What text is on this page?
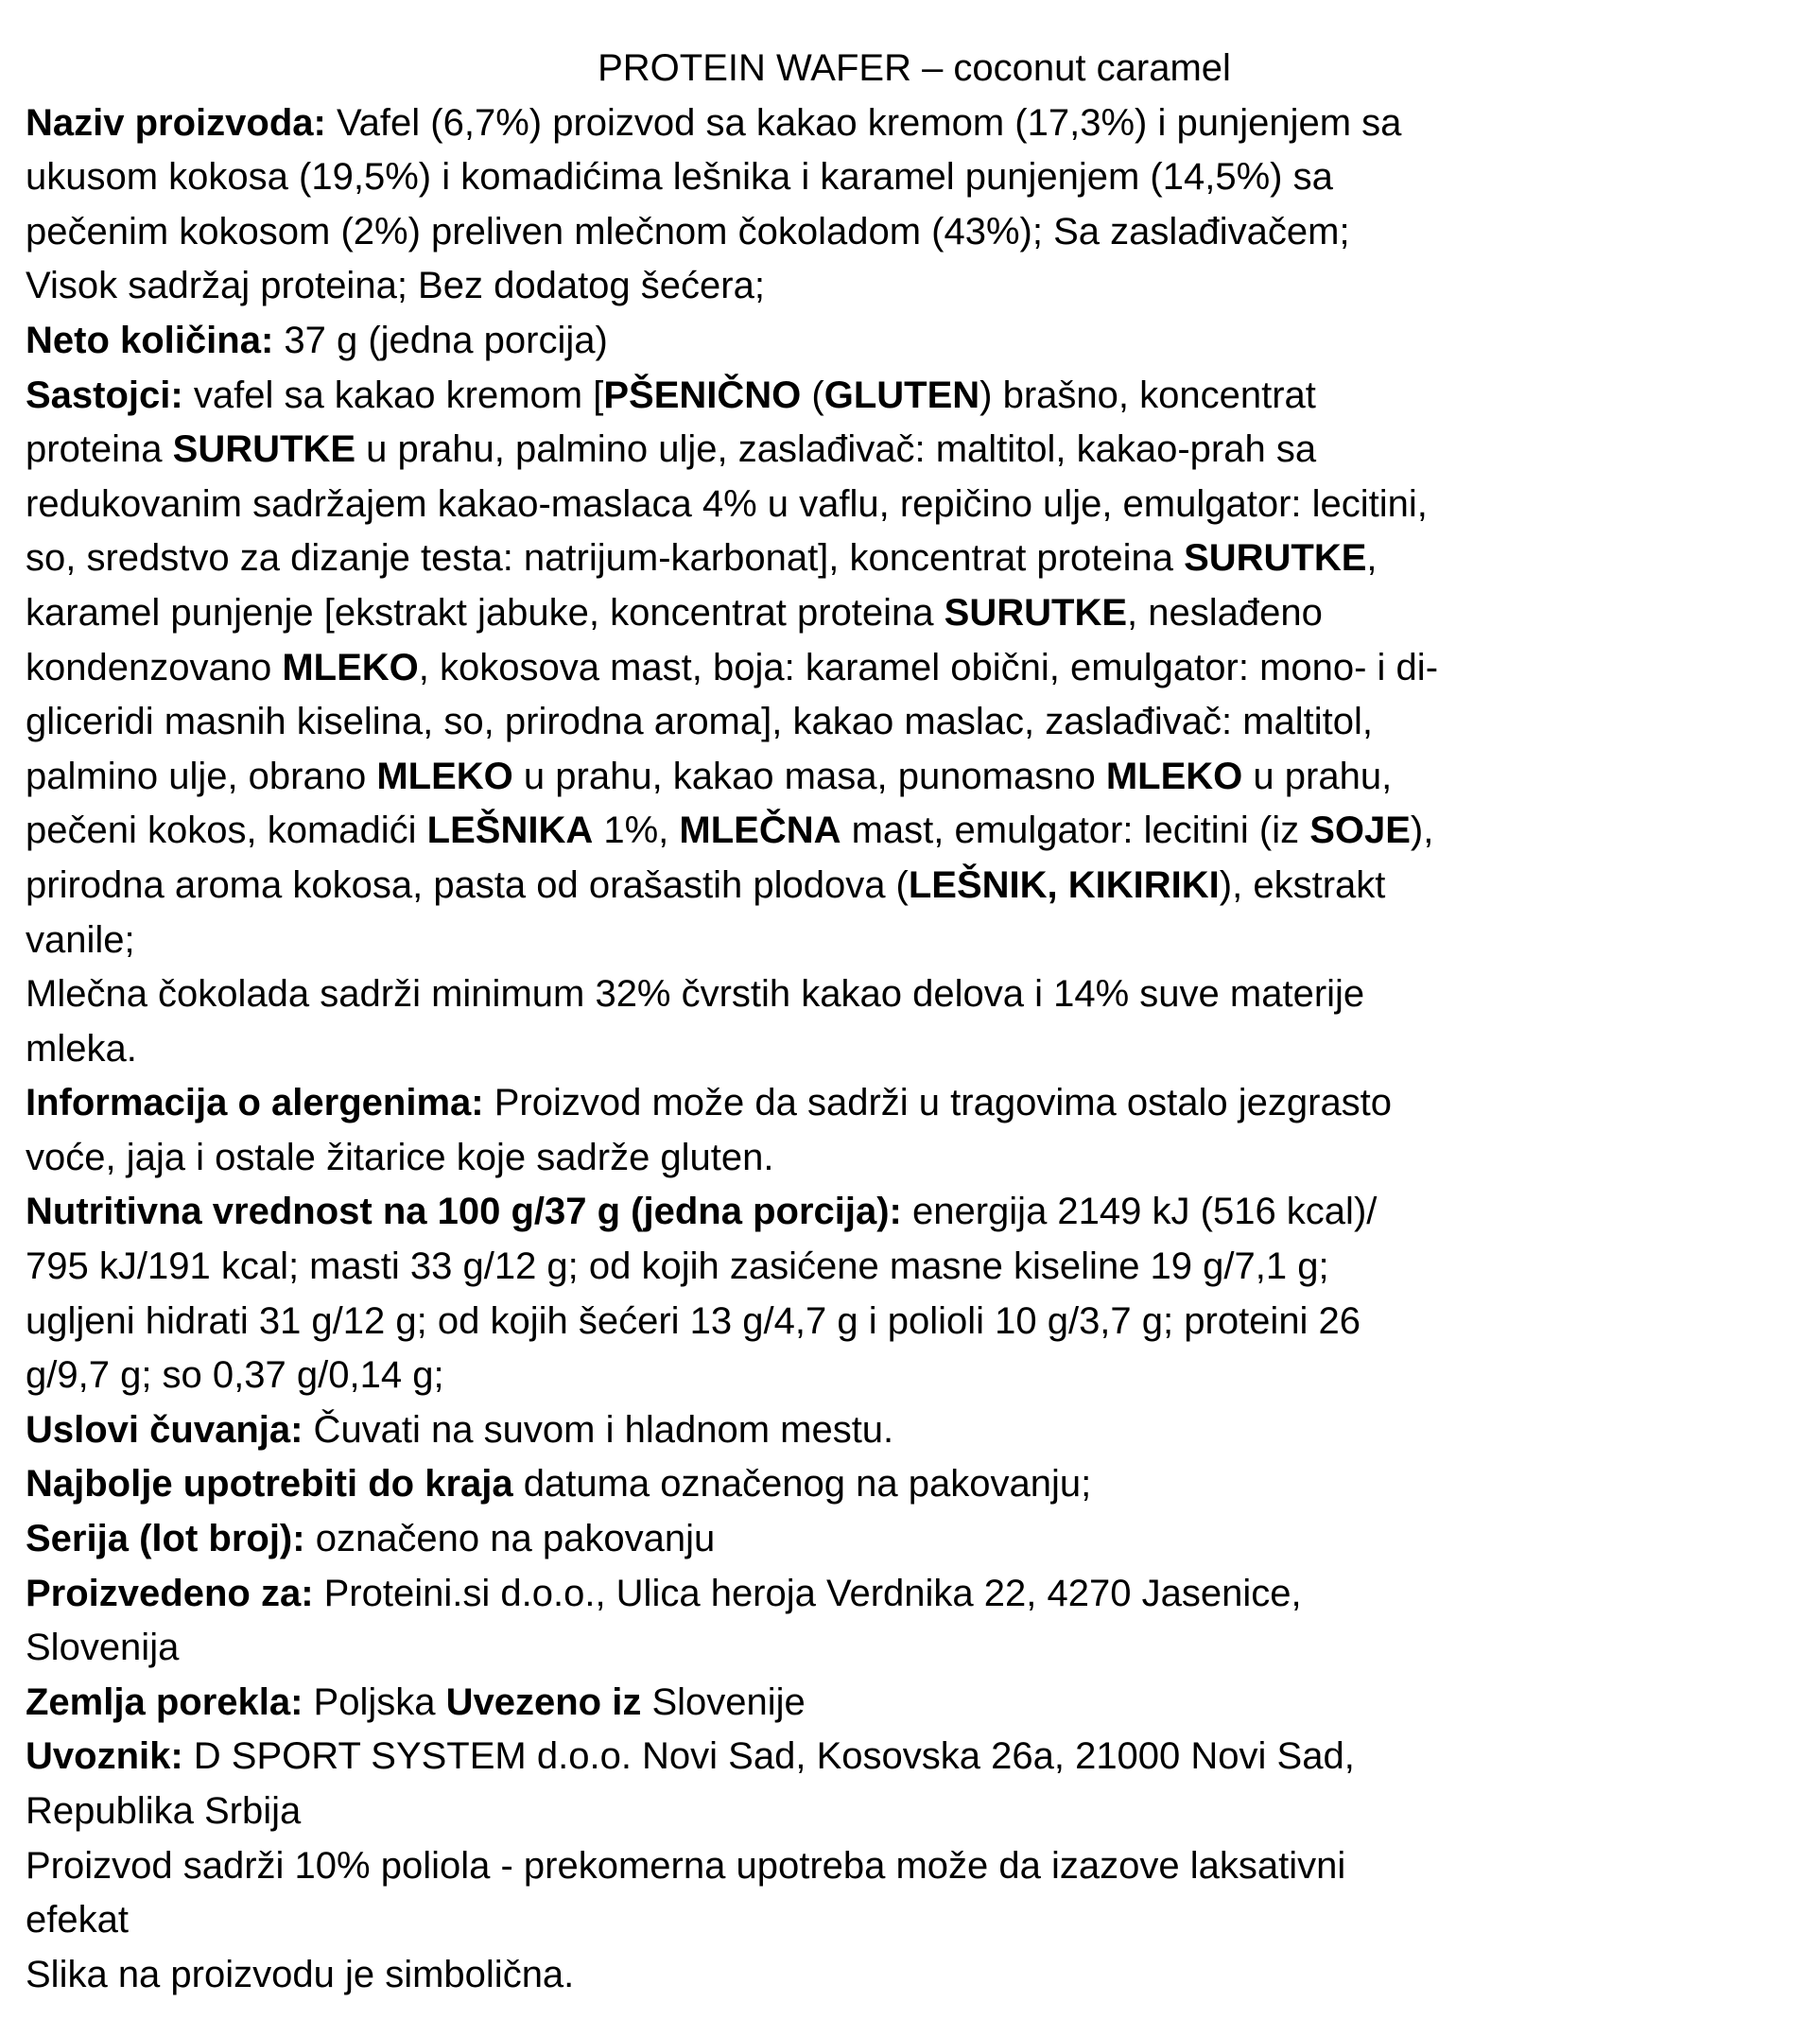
PROTEIN WAFER – coconut caramel
Naziv proizvoda: Vafel (6,7%) proizvod sa kakao kremom (17,3%) i punjenjem sa
ukusom kokosa (19,5%) i komadićima lešnika i karamel punjenjem (14,5%) sa
pečenim kokosom (2%) preliven mlečnom čokoladom (43%); Sa zaslađivačem;
Visok sadržaj proteina; Bez dodatog šećera;
Neto količina: 37 g (jedna porcija)
Sastojci: vafel sa kakao kremom [PŠENIČNO (GLUTEN) brašno, koncentrat
proteina SURUTKE u prahu, palmino ulje, zaslađivač: maltitol, kakao-prah sa
redukovanim sadržajem kakao-maslaca 4% u vaflu, repičino ulje, emulgator: lecitini,
so, sredstvo za dizanje testa: natrijum-karbonat], koncentrat proteina SURUTKE,
karamel punjenje [ekstrakt jabuke, koncentrat proteina SURUTKE, neslađeno
kondenzovano MLEKO, kokosova mast, boja: karamel obični, emulgator: mono- i di-
gliceridi masnih kiselina, so, prirodna aroma], kakao maslac, zaslađivač: maltitol,
palmino ulje, obrano MLEKO u prahu, kakao masa, punomasno MLEKO u prahu,
pečeni kokos, komadići LEŠNIKA 1%, MLEČNA mast, emulgator: lecitini (iz SOJE),
prirodna aroma kokosa, pasta od orašastih plodova (LEŠNIK, KIKIRIKI), ekstrakt
vanile;
Mlečna čokolada sadrži minimum 32% čvrstih kakao delova i 14% suve materije
mleka.
Informacija o alergenima: Proizvod može da sadrži u tragovima ostalo jezgrasto
voće, jaja i ostale žitarice koje sadrže gluten.
Nutritivna vrednost na 100 g/37 g (jedna porcija): energija 2149 kJ (516 kcal)/
795 kJ/191 kcal; masti 33 g/12 g; od kojih zasićene masne kiseline 19 g/7,1 g;
ugljeni hidrati 31 g/12 g; od kojih šećeri 13 g/4,7 g i polioli 10 g/3,7 g; proteini 26
g/9,7 g; so 0,37 g/0,14 g;
Uslovi čuvanja: Čuvati na suvom i hladnom mestu.
Najbolje upotrebiti do kraja datuma označenog na pakovanju;
Serija (lot broj): označeno na pakovanju
Proizvedeno za: Proteini.si d.o.o., Ulica heroja Verdnika 22, 4270 Jasenice,
Slovenija
Zemlja porekla: Poljska Uvezeno iz Slovenije
Uvoznik: D SPORT SYSTEM d.o.o. Novi Sad, Kosovska 26a, 21000 Novi Sad,
Republika Srbija
Proizvod sadrži 10% poliola - prekomerna upotreba može da izazove laksativni
efekat
Slika na proizvodu je simbolična.
